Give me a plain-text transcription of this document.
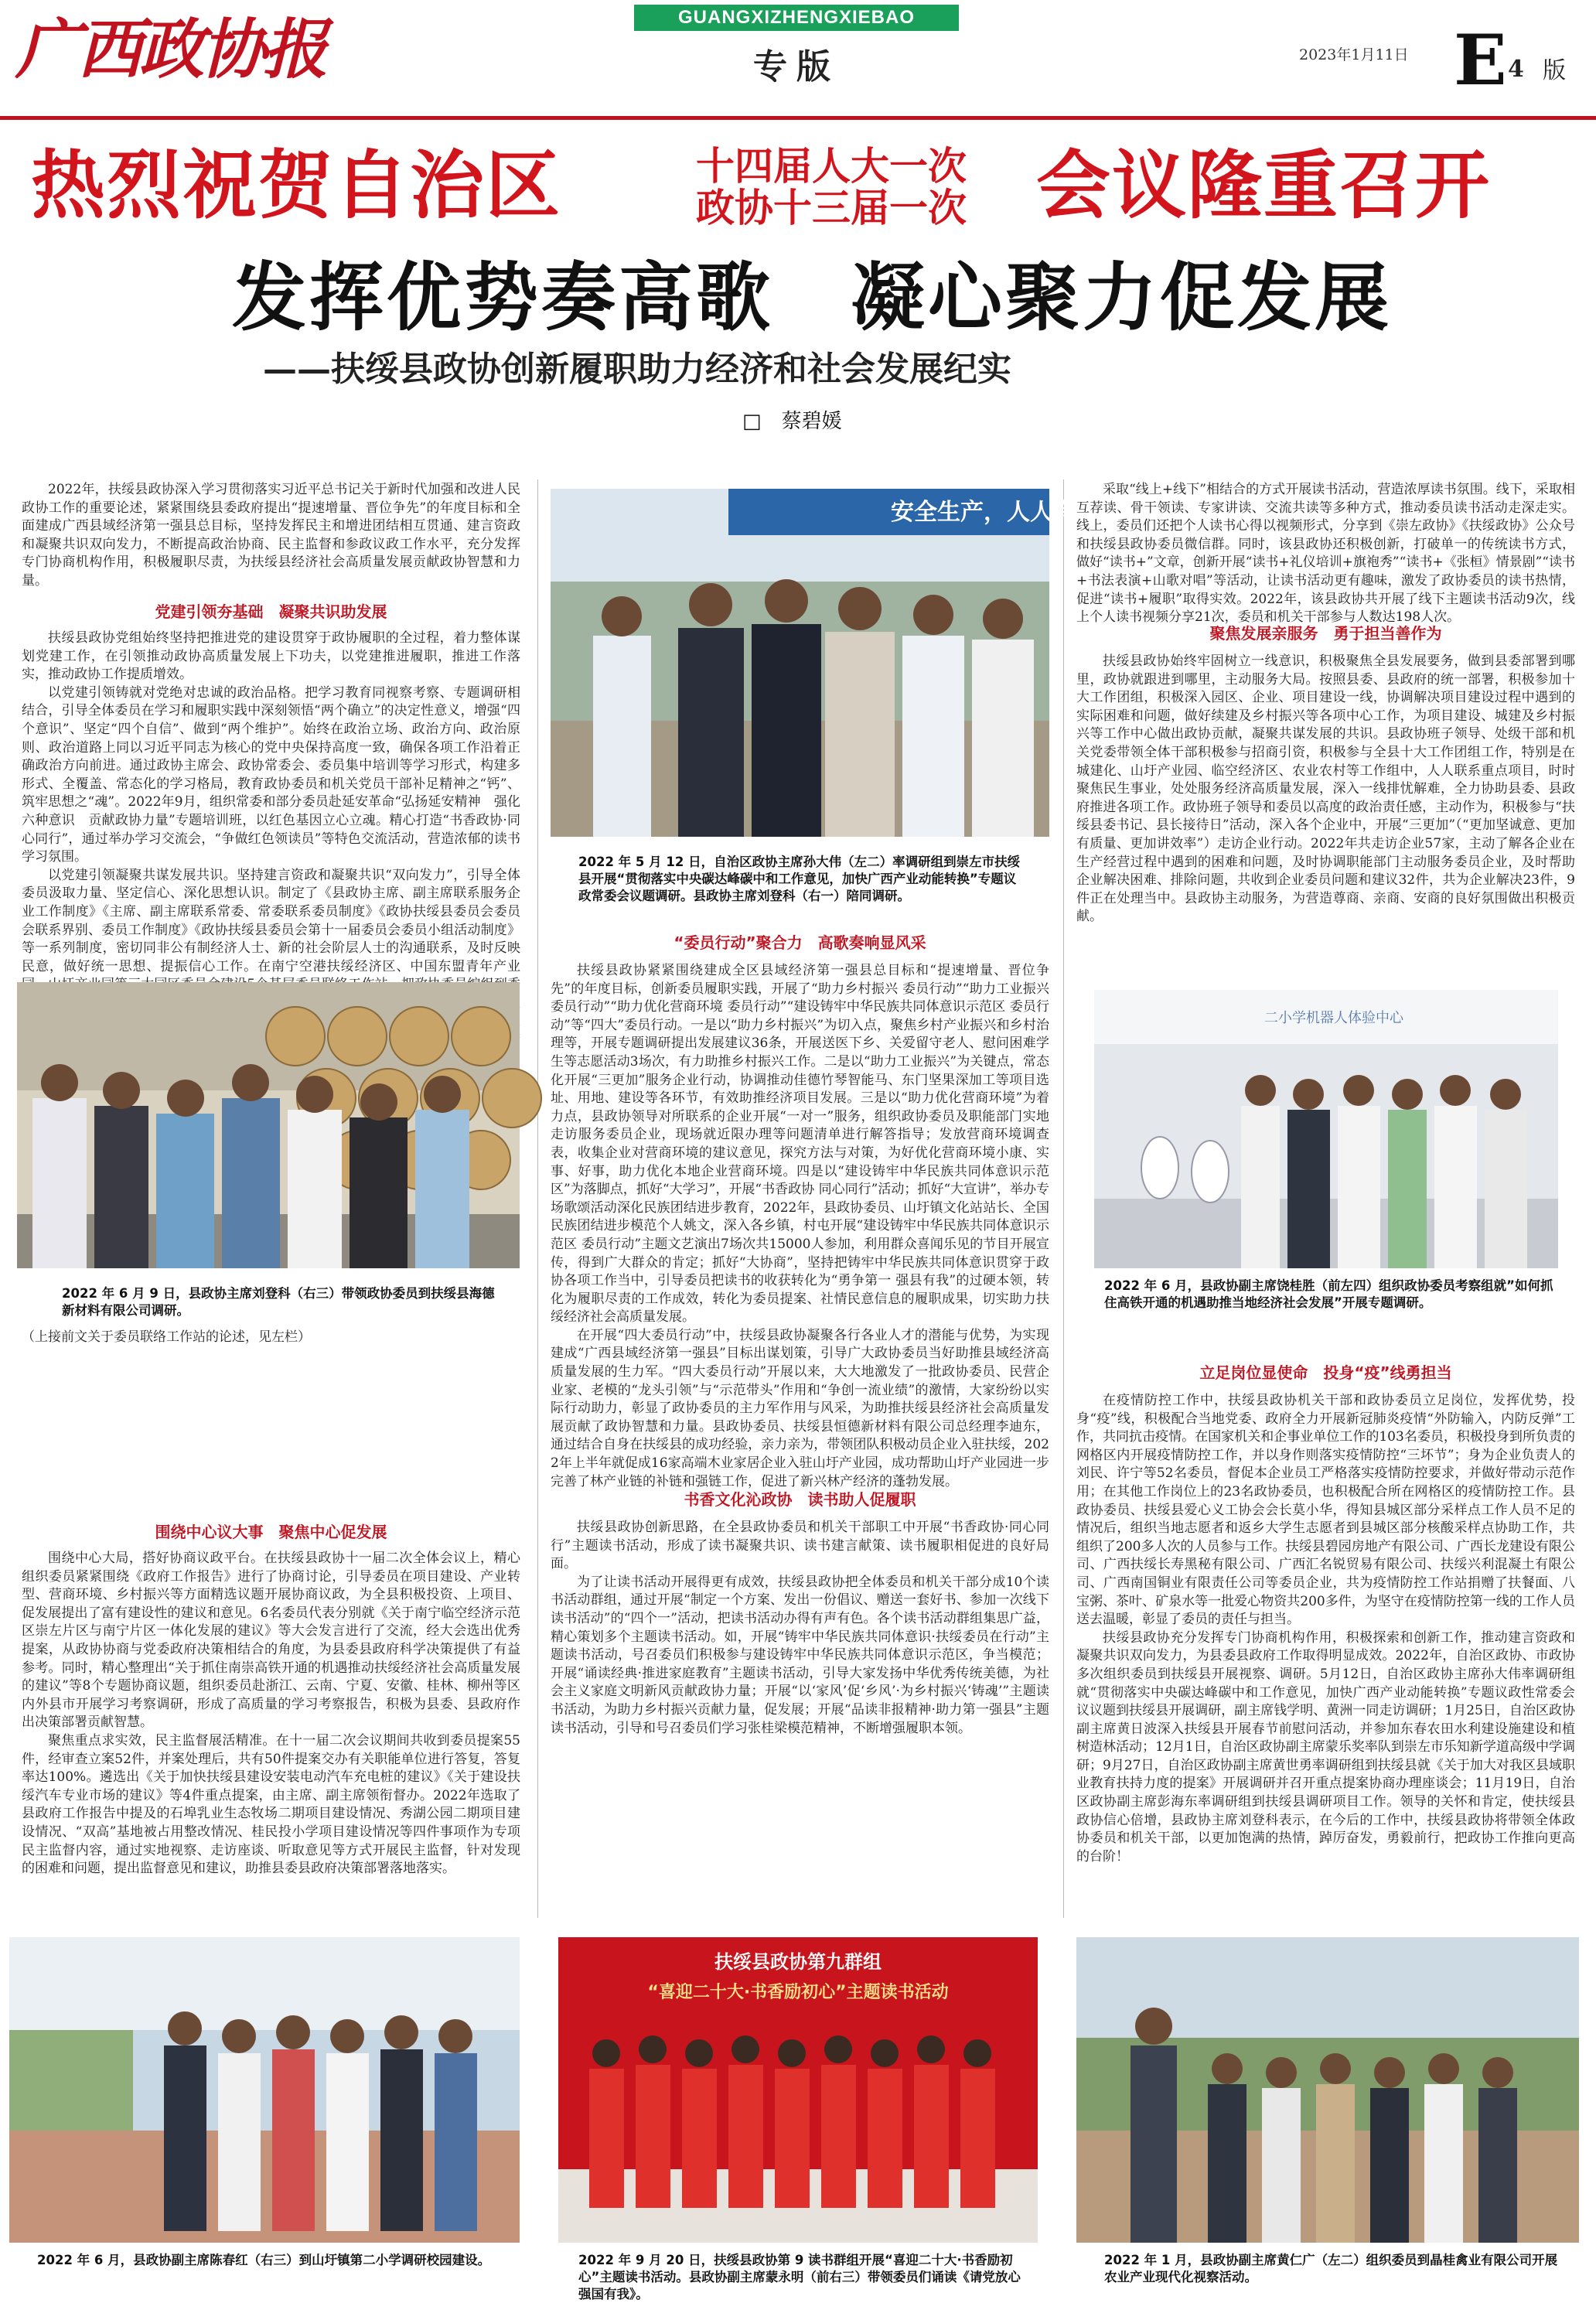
广西政协报	GUANGXIZHENGXIEBAO
专版	2023年1月11日 E 4 版
热烈祝贺自治区	十四届人大一次
政协十三届一次 会议隆重召开
发挥优势奏高歌　凝心聚力促发展
——扶绥县政协创新履职助力经济和社会发展纪实
□　蔡碧媛

2022年，扶绥县政协深入学习贯彻落实习近平总书记关于新时代加强和改进人民政协工作的重要论述，紧紧围绕县委政府提出“提速增量、晋位争先”的年度目标和全面建成广西县域经济第一强县总目标，坚持发挥民主和增进团结相互贯通、建言资政和凝聚共识双向发力，不断提高政治协商、民主监督和参政议政工作水平，充分发挥专门协商机构作用，积极履职尽责，为扶绥县经济社会高质量发展贡献政协智慧和力量。

党建引领夯基础　凝聚共识助发展

扶绥县政协党组始终坚持把推进党的建设贯穿于政协履职的全过程，着力整体谋划党建工作，在引领推动政协高质量发展上下功夫，以党建推进履职，推进工作落实，推动政协工作提质增效。

以党建引领铸就对党绝对忠诚的政治品格。把学习教育同视察考察、专题调研相结合，引导全体委员在学习和履职实践中深刻领悟“两个确立”的决定性意义，增强“四个意识”、坚定“四个自信”、做到“两个维护”。始终在政治立场、政治方向、政治原则、政治道路上同以习近平同志为核心的党中央保持高度一致，确保各项工作沿着正确政治方向前进。通过政协主席会、政协常委会、委员集中培训等学习形式，构建多形式、全覆盖、常态化的学习格局，教育政协委员和机关党员干部补足精神之“钙”、筑牢思想之“魂”。2022年9月，组织常委和部分委员赴延安革命“弘扬延安精神　强化六种意识　贡献政协力量”专题培训班，以红色基因立心立魂。精心打造“书香政协·同心同行”，通过举办学习交流会，“争做红色领读员”等特色交流活动，营造浓郁的读书学习氛围。

以党建引领凝聚共谋发展共识。坚持建言资政和凝聚共识“双向发力”，引导全体委员汲取力量、坚定信心、深化思想认识。制定了《县政协主席、副主席联系服务企业工作制度》《主席、副主席联系常委、常委联系委员制度》《政协扶绥县委员会委员会联系界别、委员工作制度》《政协扶绥县委员会第十一届委员会委员小组活动制度》等一系列制度，密切同非公有制经济人士、新的社会阶层人士的沟通联系，及时反映民意，做好统一思想、提振信心工作。在南宁空港扶绥经济区、中国东盟青年产业

2022 年 6 月 9 日，县政协主席刘登科（右三）带领政协委员到扶绥县海德新材料有限公司调研。

（上接前文关于委员联络工作站的论述，见左栏）

围绕中心议大事　聚焦中心促发展

围绕中心大局，搭好协商议政平台。在扶绥县政协十一届二次全体会议上，精心组织委员紧紧围绕《政府工作报告》进行了协商讨论，引导委员在项目建设、产业转型、营商环境、乡村振兴等方面精选议题开展协商议政，为全县积极投资、上项目、促发展提出了富有建设性的建议和意见。6名委员代表分别就《关于南宁临空经济示范区崇左片区与南宁片区一体化发展的建议》等大会发言进行了交流，经大会选出优秀提案，从政协协商与党委政府决策相结合的角度，为县委县政府科学决策提供了有益参考。同时，精心整理出“关于抓住南崇高铁开通的机遇推动扶绥经济社会高质量发展的建议”等8个专题协商议题，组织委员赴浙江、云南、宁夏、安徽、桂林、柳州等区内外县市开展学习考察调研，形成了高质量的学习考察报告，积极为县委、县政府作出决策部署贡献智慧。

聚焦重点求实效，民主监督展活精准。在十一届二次会议期间共收到委员提案55件，经审查立案52件，并案处理后，共有50件提案交办有关职能单位进行答复，答复率达100%。遴选出《关于加快扶绥县建设安装电动汽车充电桩的建议》《关于建设扶绥汽车专业市场的建议》等4件重点提案，由主席、副主席领衔督办。2022年选取了县政府工作报告中提及的石埠乳业生态牧场二期项目建设情况、秀湖公园二期项目建设情况、“双高”基地被占用整改情况、桂民投小学项目建设情况等四件事项作为专项民主监督内容，通过实地视察、走访座谈、听取意见等方式开展民主监督，针对发现的困难和问题，提出监督意见和建议，助推县委县政府决策部署落地落实。

安全生产，人人有责
2022 年 5 月 12 日，自治区政协主席孙大伟（左二）率调研组到崇左市扶绥县开展“贯彻落实中央碳达峰碳中和工作意见，加快广西产业动能转换”专题议政常委会议题调研。县政协主席刘登科（右一）陪同调研。
“委员行动”聚合力　高歌奏响显风采

扶绥县政协紧紧围绕建成全区县域经济第一强县总目标和“提速增量、晋位争先”的年度目标，创新委员履职实践，开展了“助力乡村振兴 委员行动”“助力工业振兴 委员行动”“助力优化营商环境 委员行动”“建设铸牢中华民族共同体意识示范区 委员行动”等“四大”委员行动。一是以“助力乡村振兴”为切入点，聚焦乡村产业振兴和乡村治理等，开展专题调研提出发展建议36条，开展送医下乡、关爱留守老人、慰问困难学生等志愿活动3场次，有力助推乡村振兴工作。二是以“助力工业振兴”为关键点，常态化开展“三更加”服务企业行动，协调推动佳德竹琴智能马、东门坚果深加工等项目选址、用地、建设等各环节，有效助推经济项目发展。三是以“助力优化营商环境”为着力点，县政协领导对所联系的企业开展“一对一”服务，组织政协委员及职能部门实地走访服务委员企业，现场就近限办理等问题清单进行解答指导；发放营商环境调查表，收集企业对营商环境的建议意见，探究方法与对策，为好优化营商环境小康、实事、好事，助力优化本地企业营商环境。四是以“建设铸牢中华民族共同体意识示范区”为落脚点，抓好“大学习”，开展“书香政协 同心同行”活动；抓好“大宣讲”，举办专场歌颂活动深化民族团结进步教育，2022年，县政协委员、山圩镇文化站站长、全国民族团结进步模范个人姚文，深入各乡镇，村屯开展“建设铸牢中华民族共同体意识示范区 委员行动”主题文艺演出7场次共15000人参加，利用群众喜闻乐见的节目开展宣传，得到广大群众的肯定；抓好“大协商”，坚持把铸牢中华民族共同体意识贯穿于政协各项工作当中，引导委员把读书的收获转化为“勇争第一 强县有我”的过硬本领，转化为履职尽责的工作成效，转化为委员提案、社情民意信息的履职成果，切实助力扶绥经济社会高质量发展。

在开展“四大委员行动”中，扶绥县政协凝聚各行各业人才的潜能与优势，为实现建成“广西县域经济第一强县”目标出谋划策，引导广大政协委员当好助推县域经济高质量发展的生力军。“四大委员行动”开展以来，大大地激发了一批政协委员、民营企业家、老模的“龙头引领”与“示范带头”作用和“争创一流业绩”的激情，大家纷纷以实际行动助力，彰显了政协委员的主力军作用与风采，为助推扶绥县经济社会高质量发展贡献了政协智慧和力量。县政协委员、扶绥县恒德新材料有限公司总经理李迪东，通过结合自身在扶绥县的成功经验，亲力亲为，带领团队积极动员企业入驻扶绥，2022年上半年就促成16家高端木业家居企业入驻山圩产业园，成功帮助山圩产业园进一步完善了林产业链的补链和强链工作，促进了新兴林产经济的蓬勃发展。

书香文化沁政协　读书助人促履职

扶绥县政协创新思路，在全县政协委员和机关干部职工中开展“书香政协·同心同行”主题读书活动，形成了读书凝聚共识、读书建言献策、读书履职相促进的良好局面。

为了让读书活动开展得更有成效，扶绥县政协把全体委员和机关干部分成10个读书活动群组，通过开展“制定一个方案、发出一份倡议、赠送一套好书、参加一次线下读书活动”的“四个一”活动，把读书活动办得有声有色。各个读书活动群组集思广益，精心策划多个主题读书活动。如，开展“铸牢中华民族共同体意识·扶绥委员在行动”主题读书活动，号召委员们积极参与建设铸牢中华民族共同体意识示范区，争当模范；开展“诵读经典·推进家庭教育”主题读书活动，引导大家发扬中华优秀传统美德，为社会主义家庭文明新风贡献政协力量；开展“以‘家风’促‘乡风’·为乡村振兴‘铸魂’”主题读书活动，为助力乡村振兴贡献力量，促发展；开展“品读非报精神·助力第一强县”主题读书活动，引导和号召委员们学习张桂梁模范精神，不断增强履职本领。

采取“线上+线下”相结合的方式开展读书活动，营造浓厚读书氛围。线下，采取相互荐读、骨干领读、专家讲读、交流共读等多种方式，推动委员读书活动走深走实。线上，委员们还把个人读书心得以视频形式，分享到《崇左政协》《扶绥政协》公众号和扶绥县政协委员微信群。同时，该县政协还积极创新，打破单一的传统读书方式，做好“读书+”文章，创新开展“读书+礼仪培训+旗袍秀”“读书+《张桓》情景剧”“读书+书法表演+山歌对唱”等活动，让读书活动更有趣味，激发了政协委员的读书热情，促进“读书+履职”取得实效。2022年，该县政协共开展了线下主题读书活动9次，线上个人读书视频分享21次，委员和机关干部参与人数达198人次。

聚焦发展亲服务　勇于担当善作为

扶绥县政协始终牢固树立一线意识，积极聚焦全县发展要务，做到县委部署到哪里，政协就跟进到哪里，主动服务大局。按照县委、县政府的统一部署，积极参加十大工作团组，积极深入园区、企业、项目建设一线，协调解决项目建设过程中遇到的实际困难和问题，做好续建及乡村振兴等各项中心工作，为项目建设、城建及乡村振兴等工作中心做出政协贡献，凝聚共谋发展的共识。县政协班子领导、处级干部和机关党委带领全体干部积极参与招商引资，积极参与全县十大工作团组工作，特别是在城建化、山圩产业园、临空经济区、农业农村等工作组中，人人联系重点项目，时时聚焦民生事业，处处服务经济高质量发展，深入一线排忧解难，全力协助县委、县政府推进各项工作。政协班子领导和委员以高度的政治责任感，主动作为，积极参与“扶绥县委书记、县长接待日”活动，深入各个企业中，开展“三更加”（“更加坚诚意、更加有质量、更加讲效率”）走访企业行动。2022年共走访企业57家，主动了解各企业在生产经营过程中遇到的困难和问题，及时协调职能部门主动服务委员企业，及时帮助企业解决困难、排除问题，共收到企业委员问题和建议32件，共为企业解决23件，9件正在处理当中。县政协主动服务，为营造尊商、亲商、安商的良好氛围做出积极贡献。

二小学机器人体验中心
2022 年 6 月，县政协副主席饶桂胜（前左四）组织政协委员考察组就”如何抓住高铁开通的机遇助推当地经济社会发展”开展专题调研。
立足岗位显使命　投身“疫”线勇担当

在疫情防控工作中，扶绥县政协机关干部和政协委员立足岗位，发挥优势，投身“疫”线，积极配合当地党委、政府全力开展新冠肺炎疫情“外防输入，内防反弹”工作，共同抗击疫情。在国家机关和企事业单位工作的103名委员，积极投身到所负责的网格区内开展疫情防控工作，并以身作则落实疫情防控“三坏节”；身为企业负责人的刘民、许宁等52名委员，督促本企业员工严格落实疫情防控要求，并做好带动示范作用；在其他工作岗位上的23名政协委员，也积极配合所在网格区的疫情防控工作。县政协委员、扶绥县爱心义工协会会长莫小华，得知县城区部分采样点工作人员不足的情况后，组织当地志愿者和返乡大学生志愿者到县城区部分核酸采样点协助工作，共组织了200多人次的人员参与工作。扶绥县碧园房地产有限公司、广西长龙建设有限公司、广西扶绥长寿黑秘有限公司、广西汇名锐贸易有限公司、扶绥兴利混凝土有限公司、广西南国铜业有限责任公司等委员企业，共为疫情防控工作站捐赠了扶餐面、八宝粥、茶叶、矿泉水等一批爱心物资共200多件，为坚守在疫情防控第一线的工作人员送去温暖，彰显了委员的责任与担当。

扶绥县政协充分发挥专门协商机构作用，积极探索和创新工作，推动建言资政和凝聚共识双向发力，为县委县政府工作取得明显成效。2022年，自治区政协、市政协多次组织委员到扶绥县开展视察、调研。5月12日，自治区政协主席孙大伟率调研组就“贯彻落实中央碳达峰碳中和工作意见，加快广西产业动能转换”专题议政性常委会议议题到扶绥县开展调研，副主席钱学明、黄洲一同走访调研；1月25日，自治区政协副主席黄日波深入扶绥县开展春节前慰问活动，并参加东春农田水利建设施建设和植树造林活动；12月1日，自治区政协副主席蒙乐奖率队到崇左市乐知新学道高级中学调研；9月27日，自治区政协副主席黄世勇率调研组到扶绥县就《关于加大对我区县域职业教育扶持力度的提案》开展调研并召开重点提案协商办理座谈会；11月19日，自治区政协副主席彭海东率调研组到扶绥县调研项目工作。领导的关怀和肯定，使扶绥县政协信心倍增，县政协主席刘登科表示，在今后的工作中，扶绥县政协将带领全体政协委员和机关干部，以更加饱满的热情，踔厉奋发，勇毅前行，把政协工作推向更高的台阶！

2022 年 6 月，县政协副主席陈春红（右三）到山圩镇第二小学调研校园建设。
扶绥县政协第九群组
“喜迎二十大·书香励初心”主题读书活动
2022 年 9 月 20 日，扶绥县政协第 9 读书群组开展“喜迎二十大·书香励初心”主题读书活动。县政协副主席蒙永明（前右三）带领委员们诵读《请党放心　强国有我》。
2022 年 1 月，县政协副主席黄仁广（左二）组织委员到晶桂禽业有限公司开展农业产业现代化视察活动。
